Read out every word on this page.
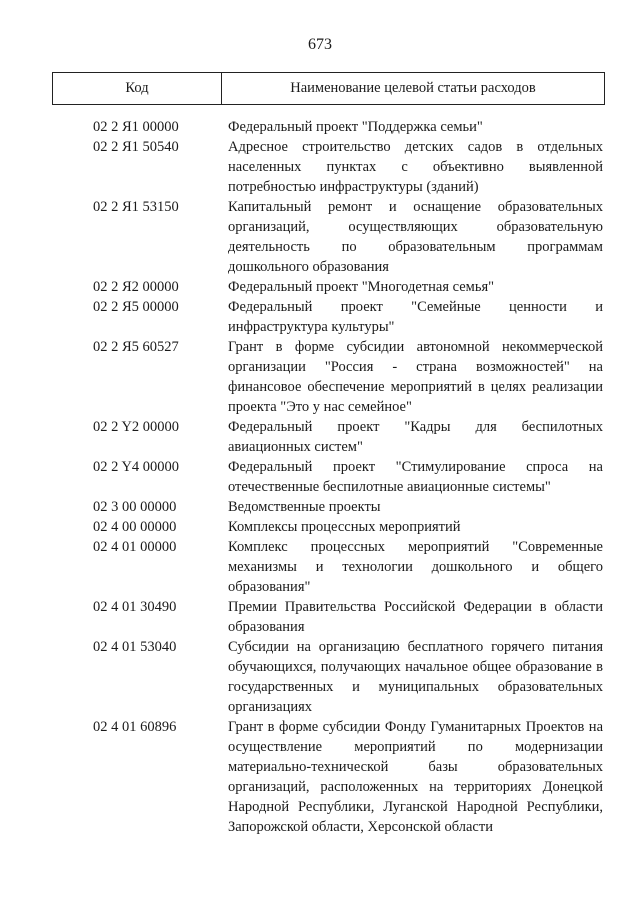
673
Код	Наименование целевой статьи расходов
02 2 Я1 00000	Федеральный проект "Поддержка семьи"
02 2 Я1 50540	Адресное строительство детских садов в отдельных населенных пунктах с объективно выявленной потребностью инфраструктуры (зданий)
02 2 Я1 53150	Капитальный ремонт и оснащение образовательных организаций, осуществляющих образовательную деятельность по образовательным программам дошкольного образования
02 2 Я2 00000	Федеральный проект "Многодетная семья"
02 2 Я5 00000	Федеральный проект "Семейные ценности и инфраструктура культуры"
02 2 Я5 60527	Грант в форме субсидии автономной некоммерческой организации "Россия - страна возможностей" на финансовое обеспечение мероприятий в целях реализации проекта "Это у нас семейное"
02 2 Y2 00000	Федеральный проект "Кадры для беспилотных авиационных систем"
02 2 Y4 00000	Федеральный проект "Стимулирование спроса на отечественные беспилотные авиационные системы"
02 3 00 00000	Ведомственные проекты
02 4 00 00000	Комплексы процессных мероприятий
02 4 01 00000	Комплекс процессных мероприятий "Современные механизмы и технологии дошкольного и общего образования"
02 4 01 30490	Премии Правительства Российской Федерации в области образования
02 4 01 53040	Субсидии на организацию бесплатного горячего питания обучающихся, получающих начальное общее образование в государственных и муниципальных образовательных организациях
02 4 01 60896	Грант в форме субсидии Фонду Гуманитарных Проектов на осуществление мероприятий по модернизации материально-технической базы образовательных организаций, расположенных на территориях Донецкой Народной Республики, Луганской Народной Республики, Запорожской области, Херсонской области
